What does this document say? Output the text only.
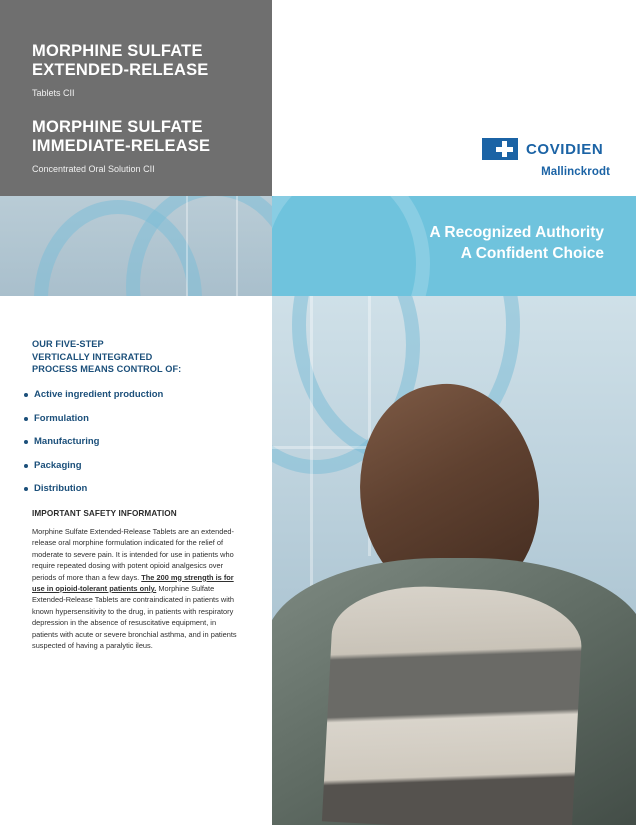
MORPHINE SULFATE
EXTENDED-RELEASE
Tablets CII
MORPHINE SULFATE
IMMEDIATE-RELEASE
Concentrated Oral Solution CII
COVIDIEN
Mallinckrodt
A Recognized Authority
A Confident Choice
OUR FIVE-STEP
VERTICALLY INTEGRATED
PROCESS MEANS CONTROL OF:
Active ingredient production
Formulation
Manufacturing
Packaging
Distribution
IMPORTANT SAFETY INFORMATION
Morphine Sulfate Extended-Release Tablets are an extended-release oral morphine formulation indicated for the relief of moderate to severe pain. It is intended for use in patients who require repeated dosing with potent opioid analgesics over periods of more than a few days. The 200 mg strength is for use in opioid-tolerant patients only. Morphine Sulfate Extended-Release Tablets are contraindicated in patients with known hypersensitivity to the drug, in patients with respiratory depression in the absence of resuscitative equipment, in patients with acute or severe bronchial asthma, and in patients suspected of having a paralytic ileus.
